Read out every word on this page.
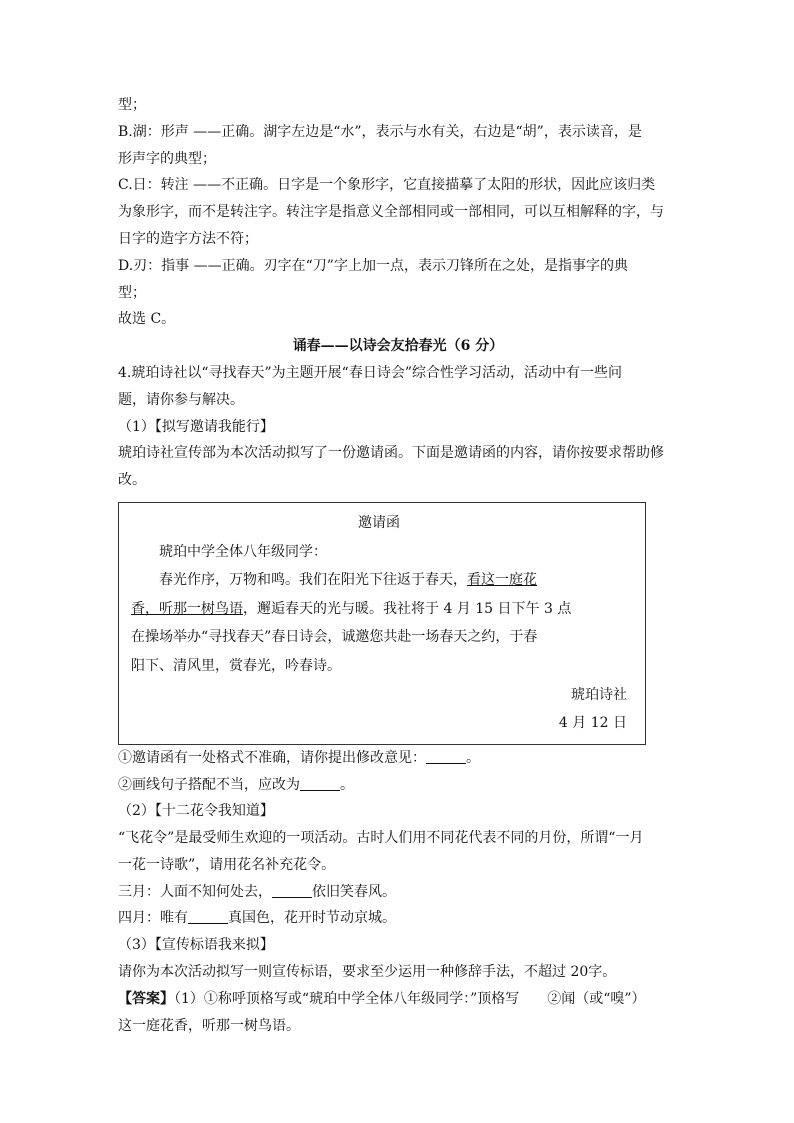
型；
B.湖：形声 ——正确。湖字左边是“水”，表示与水有关，右边是“胡”，表示读音，是
形声字的典型；
C.日：转注 ——不正确。日字是一个象形字，它直接描摹了太阳的形状，因此应该归类
为象形字，而不是转注字。转注字是指意义全部相同或一部相同，可以互相解释的字，与
日字的造字方法不符；
D.刃：指事 ——正确。刃字在“刀”字上加一点，表示刀锋所在之处，是指事字的典
型；
故选 C。
诵春——以诗会友拾春光（6 分）
4.琥珀诗社以“寻找春天”为主题开展“春日诗会”综合性学习活动，活动中有一些问
题，请你参与解决。
（1）【拟写邀请我能行】
琥珀诗社宣传部为本次活动拟写了一份邀请函。下面是邀请函的内容，请你按要求帮助修
改。
邀请函
琥珀中学全体八年级同学：
春光作序，万物和鸣。我们在阳光下往返于春天，看这一庭花
香，听那一树鸟语，邂逅春天的光与暖。我社将于 4 月 15 日下午 3 点
在操场举办“寻找春天”春日诗会，诚邀您共赴一场春天之约，于春
阳下、清风里，赏春光，吟春诗。
琥珀诗社
4 月 12 日
①邀请函有一处格式不准确，请你提出修改意见：	。
②画线句子搭配不当，应改为	。
（2）【十二花令我知道】
“飞花令”是最受师生欢迎的一项活动。古时人们用不同花代表不同的月份，所谓“一月
一花一诗歌”，请用花名补充花令。
三月：人面不知何处去，	依旧笑春风。
四月：唯有	真国色，花开时节动京城。
（3）【宣传标语我来拟】
请你为本次活动拟写一则宣传标语，要求至少运用一种修辞手法，不超过 20字。
【答案】（1）①称呼顶格写或“琥珀中学全体八年级同学：”顶格写　　②闻（或“嗅”）
这一庭花香，听那一树鸟语。
